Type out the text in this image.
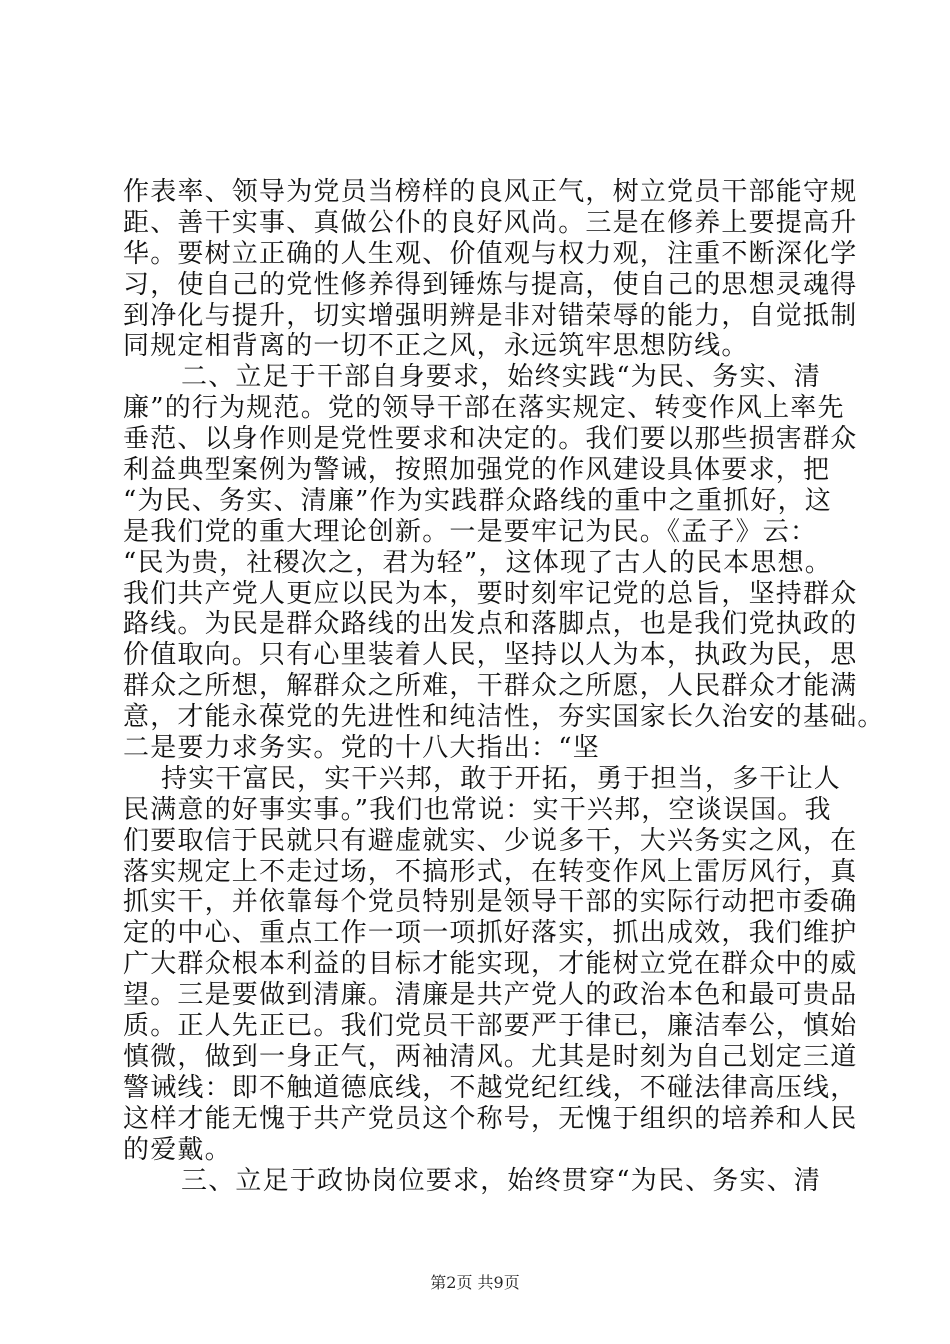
作表率、领导为党员当榜样的良风正气，树立党员干部能守规
距、善干实事、真做公仆的良好风尚。三是在修养上要提高升
华。要树立正确的人生观、价值观与权力观，注重不断深化学
习，使自己的党性修养得到锤炼与提高，使自己的思想灵魂得
到净化与提升，切实增强明辨是非对错荣辱的能力，自觉抵制
同规定相背离的一切不正之风，永远筑牢思想防线。
二、立足于干部自身要求，始终实践“为民、务实、清
廉”的行为规范。党的领导干部在落实规定、转变作风上率先
垂范、以身作则是党性要求和决定的。我们要以那些损害群众
利益典型案例为警诫，按照加强党的作风建设具体要求，把
“为民、务实、清廉”作为实践群众路线的重中之重抓好，这
是我们党的重大理论创新。一是要牢记为民。《孟子》云：
“民为贵，社稷次之，君为轻”，这体现了古人的民本思想。
我们共产党人更应以民为本，要时刻牢记党的总旨，坚持群众
路线。为民是群众路线的出发点和落脚点，也是我们党执政的
价值取向。只有心里装着人民，坚持以人为本，执政为民，思
群众之所想，解群众之所难，干群众之所愿，人民群众才能满
意，才能永葆党的先进性和纯洁性，夯实国家长久治安的基础。
二是要力求务实。党的十八大指出：“坚
持实干富民，实干兴邦，敢于开拓，勇于担当，多干让人
民满意的好事实事。”我们也常说：实干兴邦，空谈误国。我
们要取信于民就只有避虚就实、少说多干，大兴务实之风，在
落实规定上不走过场，不搞形式，在转变作风上雷厉风行，真
抓实干，并依靠每个党员特别是领导干部的实际行动把市委确
定的中心、重点工作一项一项抓好落实，抓出成效，我们维护
广大群众根本利益的目标才能实现，才能树立党在群众中的威
望。三是要做到清廉。清廉是共产党人的政治本色和最可贵品
质。正人先正已。我们党员干部要严于律已，廉洁奉公，慎始
慎微，做到一身正气，两袖清风。尤其是时刻为自己划定三道
警诫线：即不触道德底线，不越党纪红线，不碰法律高压线，
这样才能无愧于共产党员这个称号，无愧于组织的培养和人民
的爱戴。
三、立足于政协岗位要求，始终贯穿“为民、务实、清
第2页 共9页
